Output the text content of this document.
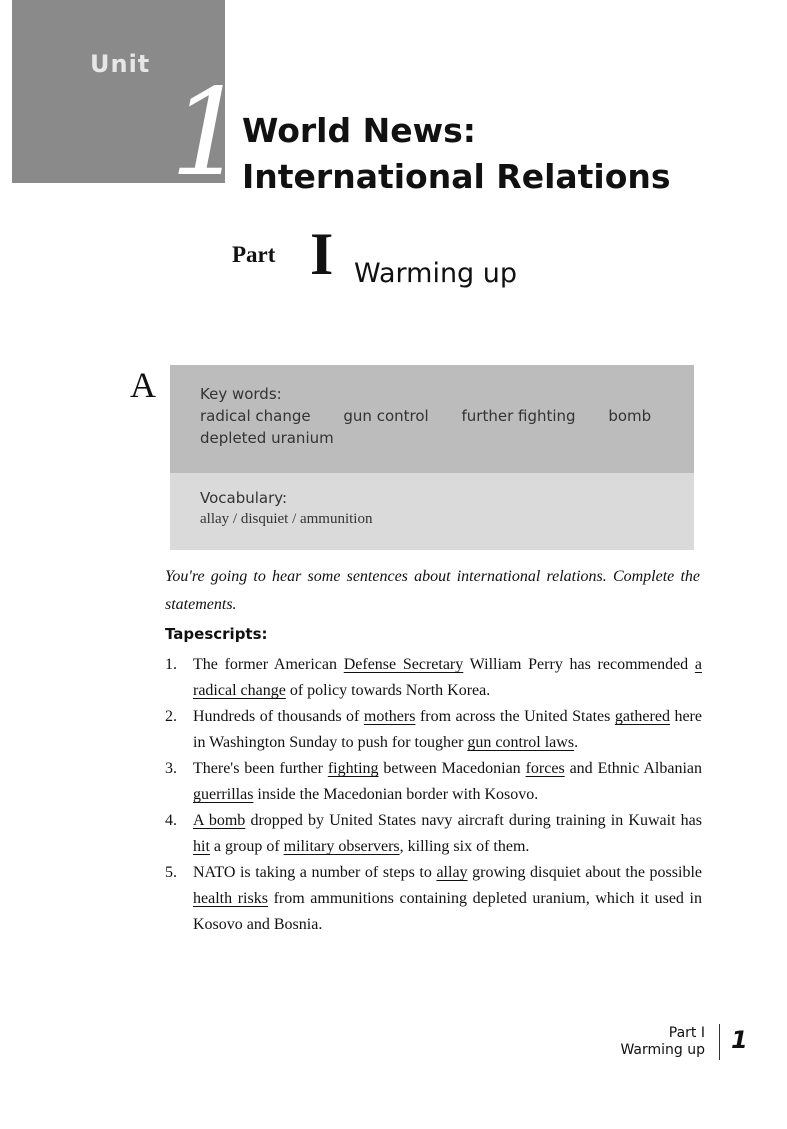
Unit 1
World News:
International Relations
Part I Warming up
A	Key words:
radical change gun control further fighting bomb
depleted uranium
Vocabulary:
allay / disquiet / ammunition
You're going to hear some sentences about international relations. Complete the statements.
Tapescripts:
1. The former American Defense Secretary William Perry has recommended a radical change of policy towards North Korea.
2. Hundreds of thousands of mothers from across the United States gathered here in Washington Sunday to push for tougher gun control laws.
3. There's been further fighting between Macedonian forces and Ethnic Albanian guerrillas inside the Macedonian border with Kosovo.
4. A bomb dropped by United States navy aircraft during training in Kuwait has hit a group of military observers, killing six of them.
5. NATO is taking a number of steps to allay growing disquiet about the possible health risks from ammunitions containing depleted uranium, which it used in Kosovo and Bosnia.
Part I
Warming up 1
